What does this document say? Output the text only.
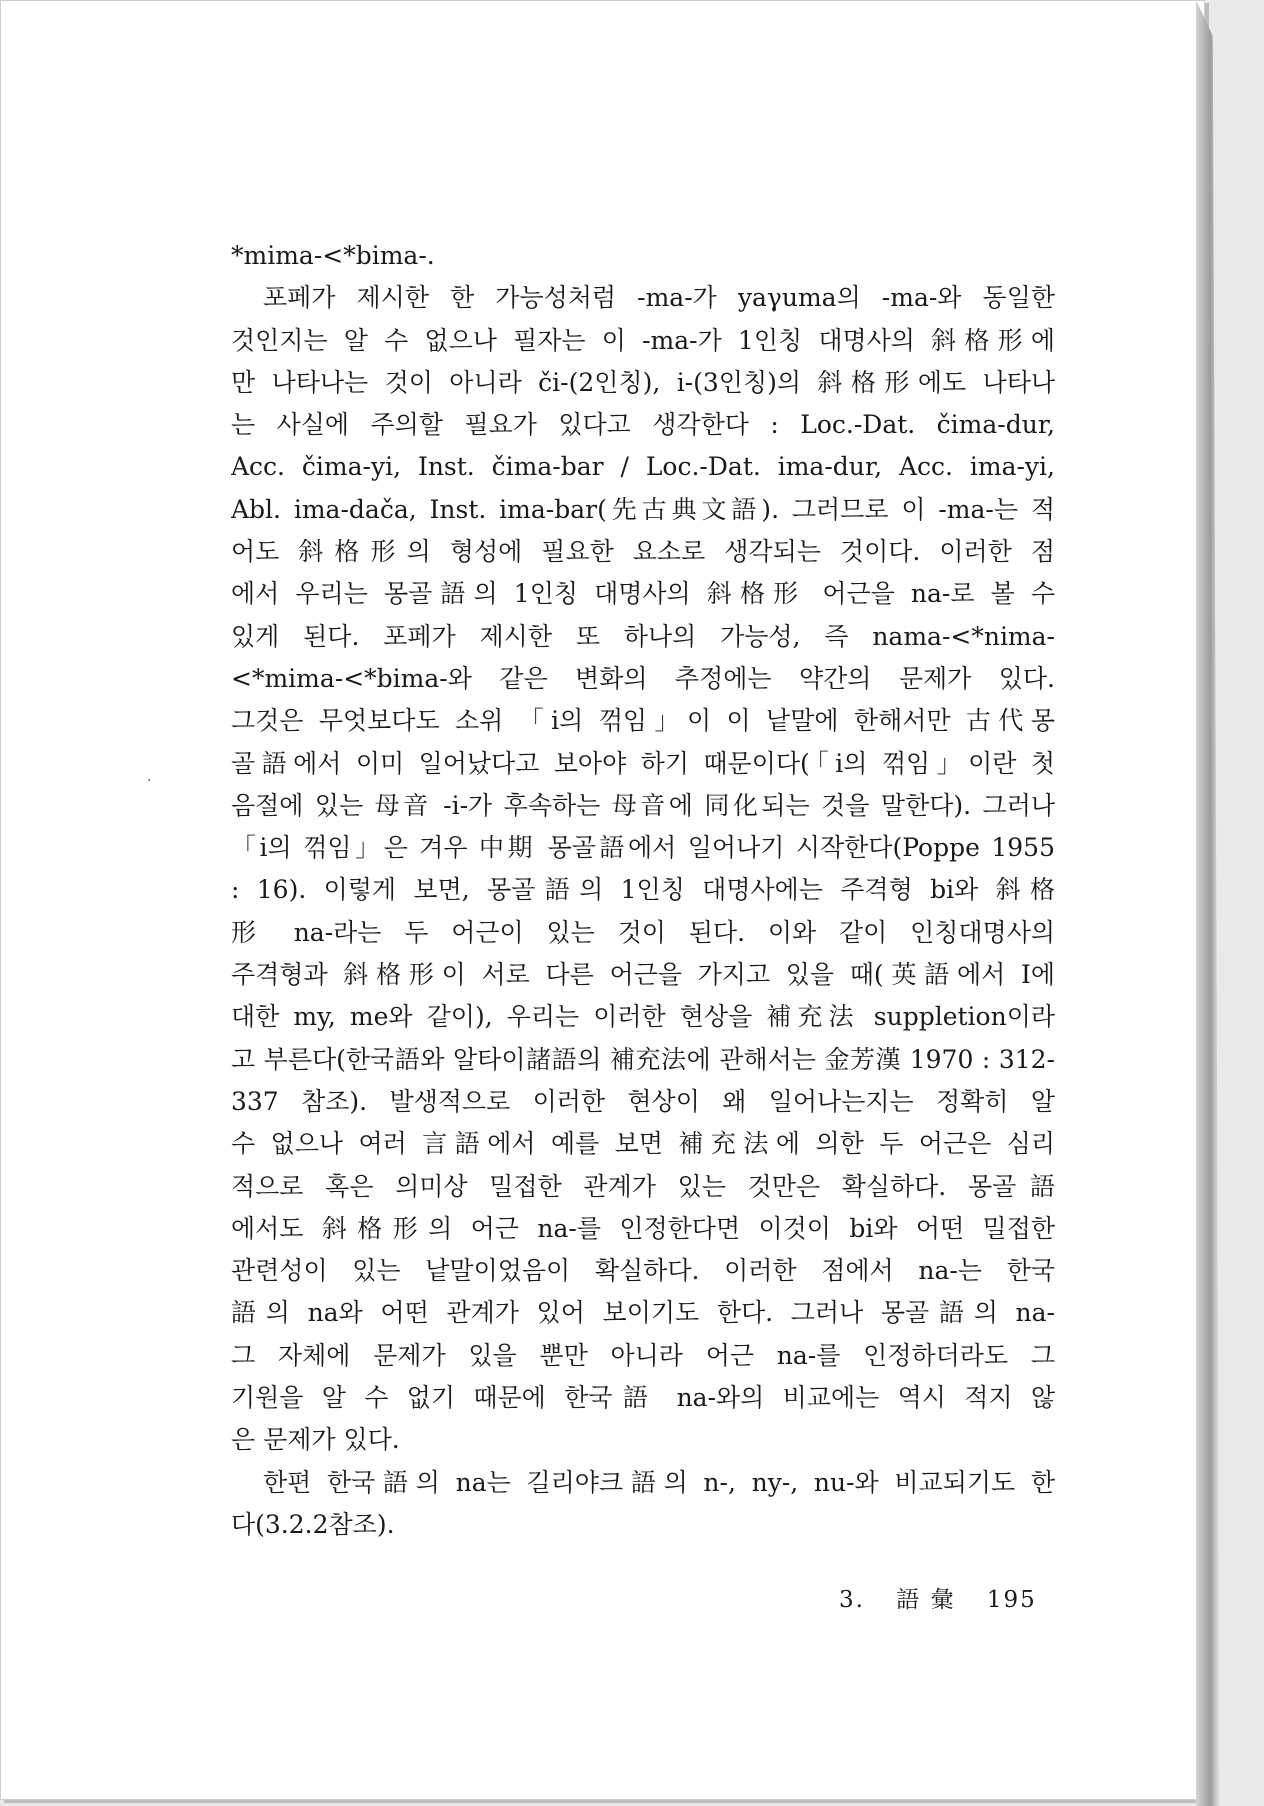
*mima-<*bima-.
포페가 제시한 한 가능성처럼 -ma-가 yaγuma의 -ma-와 동일한
것인지는 알 수 없으나 필자는 이 -ma-가 1인칭 대명사의 斜格形에
만 나타나는 것이 아니라 či-(2인칭), i-(3인칭)의 斜格形에도 나타나
는 사실에 주의할 필요가 있다고 생각한다 : Loc.-Dat. čima-dur,
Acc. čima-yi, Inst. čima-bar / Loc.-Dat. ima-dur, Acc. ima-yi,
Abl. ima-dača, Inst. ima-bar(先古典文語). 그러므로 이 -ma-는 적
어도 斜格形의 형성에 필요한 요소로 생각되는 것이다. 이러한 점
에서 우리는 몽골語의 1인칭 대명사의 斜格形 어근을 na-로 볼 수
있게 된다. 포페가 제시한 또 하나의 가능성, 즉 nama-<*nima-
<*mima-<*bima-와 같은 변화의 추정에는 약간의 문제가 있다.
그것은 무엇보다도 소위 「i의 꺾임」이 이 낱말에 한해서만 古代몽
골語에서 이미 일어났다고 보아야 하기 때문이다(「i의 꺾임」이란 첫
음절에 있는 母音 -i-가 후속하는 母音에 同化되는 것을 말한다). 그러나
「i의 꺾임」은 겨우 中期 몽골語에서 일어나기 시작한다(Poppe 1955
: 16). 이렇게 보면, 몽골語의 1인칭 대명사에는 주격형 bi와 斜格
形 na-라는 두 어근이 있는 것이 된다. 이와 같이 인칭대명사의
주격형과 斜格形이 서로 다른 어근을 가지고 있을 때(英語에서 I에
대한 my, me와 같이), 우리는 이러한 현상을 補充法 suppletion이라
고 부른다(한국語와 알타이諸語의 補充法에 관해서는 金芳漢 1970 : 312-
337 참조). 발생적으로 이러한 현상이 왜 일어나는지는 정확히 알
수 없으나 여러 言語에서 예를 보면 補充法에 의한 두 어근은 심리
적으로 혹은 의미상 밀접한 관계가 있는 것만은 확실하다. 몽골語
에서도 斜格形의 어근 na-를 인정한다면 이것이 bi와 어떤 밀접한
관련성이 있는 낱말이었음이 확실하다. 이러한 점에서 na-는 한국
語의 na와 어떤 관계가 있어 보이기도 한다. 그러나 몽골語의 na-
그 자체에 문제가 있을 뿐만 아니라 어근 na-를 인정하더라도 그
기원을 알 수 없기 때문에 한국語 na-와의 비교에는 역시 적지 않
은 문제가 있다.
한편 한국語의 na는 길리야크語의 n-, ny-, nu-와 비교되기도 한
다(3.2.2참조).
·
3. 語 彙 195
